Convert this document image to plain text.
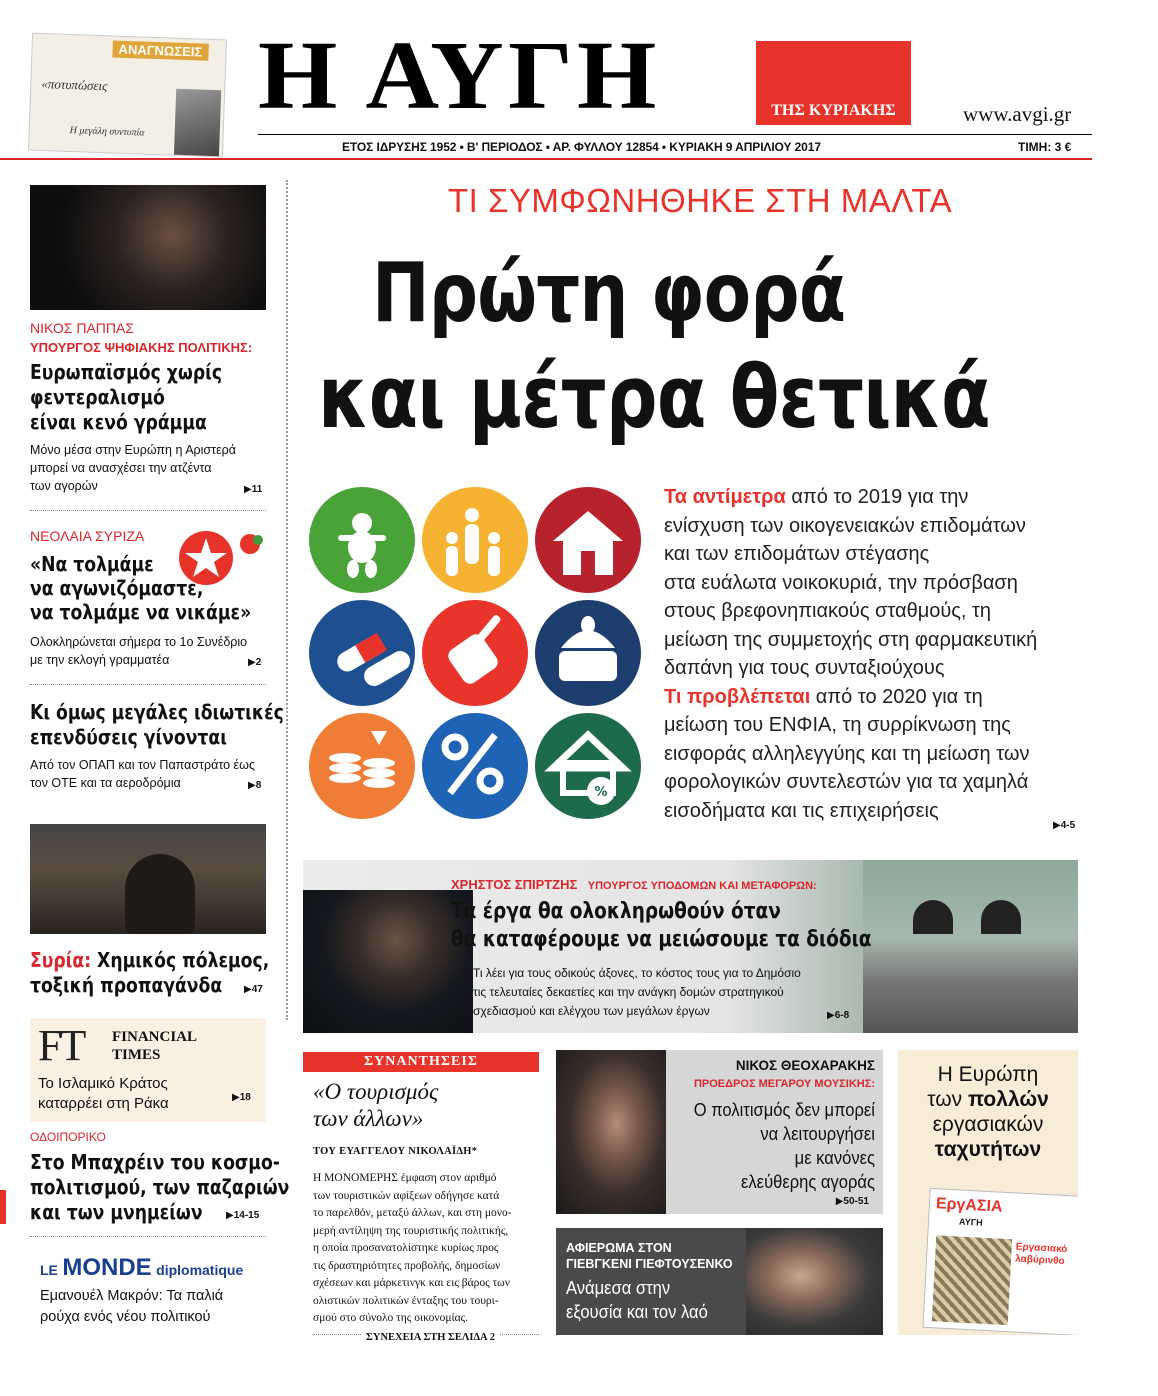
ΑΝΑΓΝΩΣΕΙΣ
«ποτυπώσεις
Η μεγάλη συντυπία
Η ΑΥΓΗ	ΤΗΣ ΚΥΡΙΑΚΗΣ	www.avgi.gr
ΕΤΟΣ ΙΔΡΥΣΗΣ 1952 • Β' ΠΕΡΙΟΔΟΣ • ΑΡ. ΦΥΛΛΟΥ 12854 • ΚΥΡΙΑΚΗ 9 ΑΠΡΙΛΙΟΥ 2017	ΤΙΜΗ: 3 €
ΝΙΚΟΣ ΠΑΠΠΑΣ
ΥΠΟΥΡΓΟΣ ΨΗΦΙΑΚΗΣ ΠΟΛΙΤΙΚΗΣ:
Ευρωπαϊσμός χωρίς
φεντεραλισμό
είναι κενό γράμμα
Μόνο μέσα στην Ευρώπη η Αριστερά
μπορεί να ανασχέσει την ατζέντα
των αγορών	▶11
ΝΕΟΛΑΙΑ ΣΥΡΙΖΑ
«Να τολμάμε
να αγωνιζόμαστε,
να τολμάμε να νικάμε»
Ολοκληρώνεται σήμερα το 1ο Συνέδριο
με την εκλογή γραμματέα	▶2
Κι όμως μεγάλες ιδιωτικές
επενδύσεις γίνονται
Από τον ΟΠΑΠ και τον Παπαστράτο έως
τον ΟΤΕ και τα αεροδρόμια	▶8
Συρία: Χημικός πόλεμος,
τοξική προπαγάνδα	▶47
FT FINANCIAL
TIMES
Το Ισλαμικό Κράτος
καταρρέει στη Ράκα	▶18
ΟΔΟΙΠΟΡΙΚΟ
Στο Μπαχρέιν του κοσμο-
πολιτισμού, των παζαριών
και των μνημείων	▶14-15
LE MONDE diplomatique
Εμανουέλ Μακρόν: Τα παλιά
ρούχα ενός νέου πολιτικού
ΤΙ ΣΥΜΦΩΝΗΘΗΚΕ ΣΤΗ ΜΑΛΤΑ
Πρώτη φορά
και μέτρα θετικά
%
Τα αντίμετρα από το 2019 για την
ενίσχυση των οικογενειακών επιδομάτων
και των επιδομάτων στέγασης
στα ευάλωτα νοικοκυριά, την πρόσβαση
στους βρεφονηπιακούς σταθμούς, τη
μείωση της συμμετοχής στη φαρμακευτική
δαπάνη για τους συνταξιούχους
Τι προβλέπεται από το 2020 για τη
μείωση του ΕΝΦΙΑ, τη συρρίκνωση της
εισφοράς αλληλεγγύης και τη μείωση των
φορολογικών συντελεστών για τα χαμηλά
εισοδήματα και τις επιχειρήσεις
▶4-5
ΧΡΗΣΤΟΣ ΣΠΙΡΤΖΗΣ ΥΠΟΥΡΓΟΣ ΥΠΟΔΟΜΩΝ ΚΑΙ ΜΕΤΑΦΟΡΩΝ:
Τα έργα θα ολοκληρωθούν όταν
θα καταφέρουμε να μειώσουμε τα διόδια
Τι λέει για τους οδικούς άξονες, το κόστος τους για το Δημόσιο
τις τελευταίες δεκαετίες και την ανάγκη δομών στρατηγικού
σχεδιασμού και ελέγχου των μεγάλων έργων	▶6-8
ΣΥΝΑΝΤΗΣΕΙΣ
«Ο τουρισμός
των άλλων»
ΤΟΥ ΕΥΑΓΓΕΛΟΥ ΝΙΚΟΛΑΪΔΗ*
Η ΜΟΝΟΜΕΡΗΣ έμφαση στον αριθμό
των τουριστικών αφίξεων οδήγησε κατά
το παρελθόν, μεταξύ άλλων, και στη μονο-
μερή αντίληψη της τουριστικής πολιτικής,
η οποία προσανατολίστηκε κυρίως προς
τις δραστηριότητες προβολής, δημοσίων
σχέσεων και μάρκετινγκ και εις βάρος των
ολιστικών πολιτικών ένταξης του τουρι-
σμού στο σύνολο της οικονομίας.
ΣΥΝΕΧΕΙΑ ΣΤΗ ΣΕΛΙΔΑ 2
ΝΙΚΟΣ ΘΕΟΧΑΡΑΚΗΣ
ΠΡΟΕΔΡΟΣ ΜΕΓΑΡΟΥ ΜΟΥΣΙΚΗΣ:
Ο πολιτισμός δεν μπορεί
να λειτουργήσει
με κανόνες
ελεύθερης αγοράς
▶50-51
ΑΦΙΕΡΩΜΑ ΣΤΟΝ
ΓΙΕΒΓΚΕΝΙ ΓΙΕΦΤΟΥΣΕΝΚΟ
Ανάμεσα στην
εξουσία και τον λαό
Η Ευρώπη
των πολλών
εργασιακών
ταχυτήτων
ΕργΑΣΙΑ
ΑΥΓΗ
Εργασιακό λαβύρινθο
